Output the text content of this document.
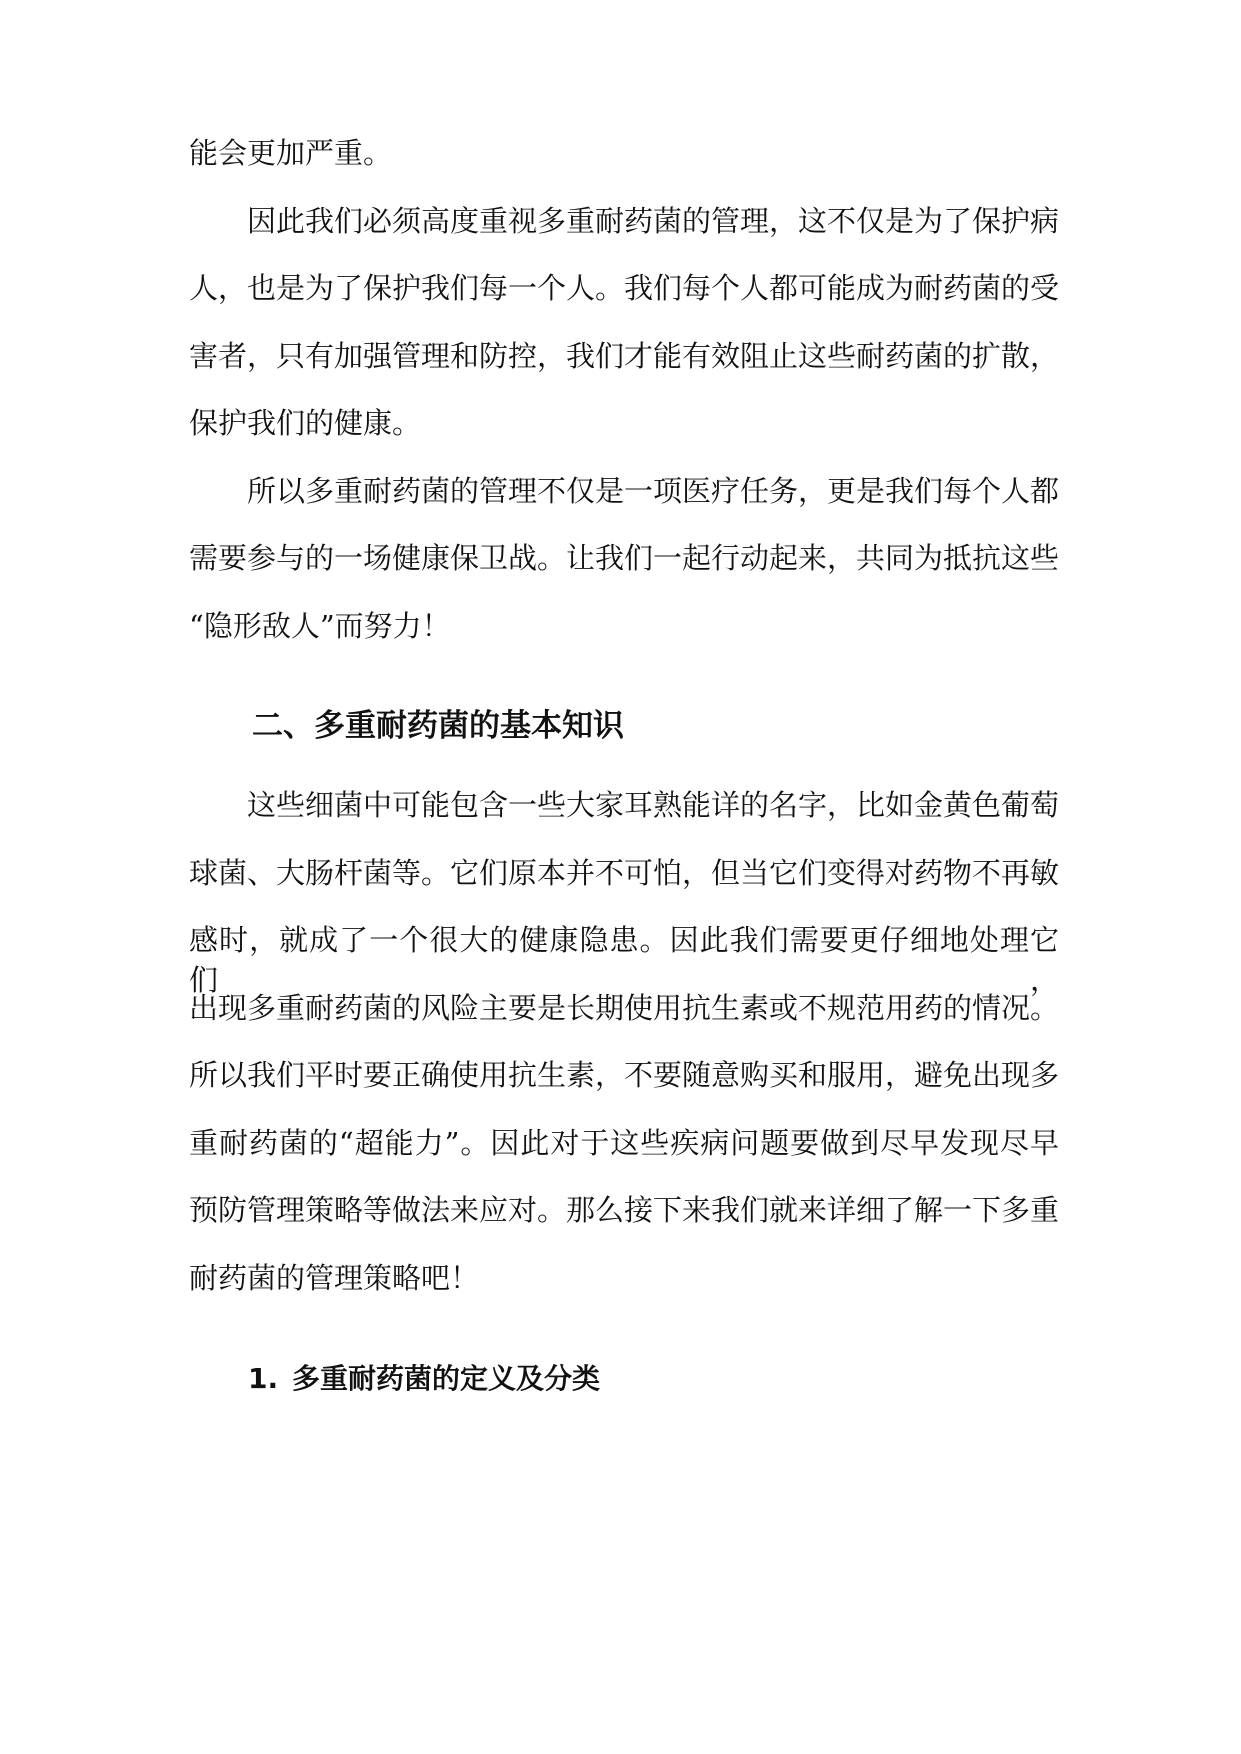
能会更加严重。

因此我们必须高度重视多重耐药菌的管理，这不仅是为了保护病

人，也是为了保护我们每一个人。我们每个人都可能成为耐药菌的受

害者，只有加强管理和防控，我们才能有效阻止这些耐药菌的扩散，

保护我们的健康。

所以多重耐药菌的管理不仅是一项医疗任务，更是我们每个人都

需要参与的一场健康保卫战。让我们一起行动起来，共同为抵抗这些

“隐形敌人”而努力！

二、多重耐药菌的基本知识

这些细菌中可能包含一些大家耳熟能详的名字，比如金黄色葡萄

球菌、大肠杆菌等。它们原本并不可怕，但当它们变得对药物不再敏

感时，就成了一个很大的健康隐患。因此我们需要更仔细地处理它们，

出现多重耐药菌的风险主要是长期使用抗生素或不规范用药的情况。

所以我们平时要正确使用抗生素，不要随意购买和服用，避免出现多

重耐药菌的“超能力”。因此对于这些疾病问题要做到尽早发现尽早

预防管理策略等做法来应对。那么接下来我们就来详细了解一下多重

耐药菌的管理策略吧！

1. 多重耐药菌的定义及分类
